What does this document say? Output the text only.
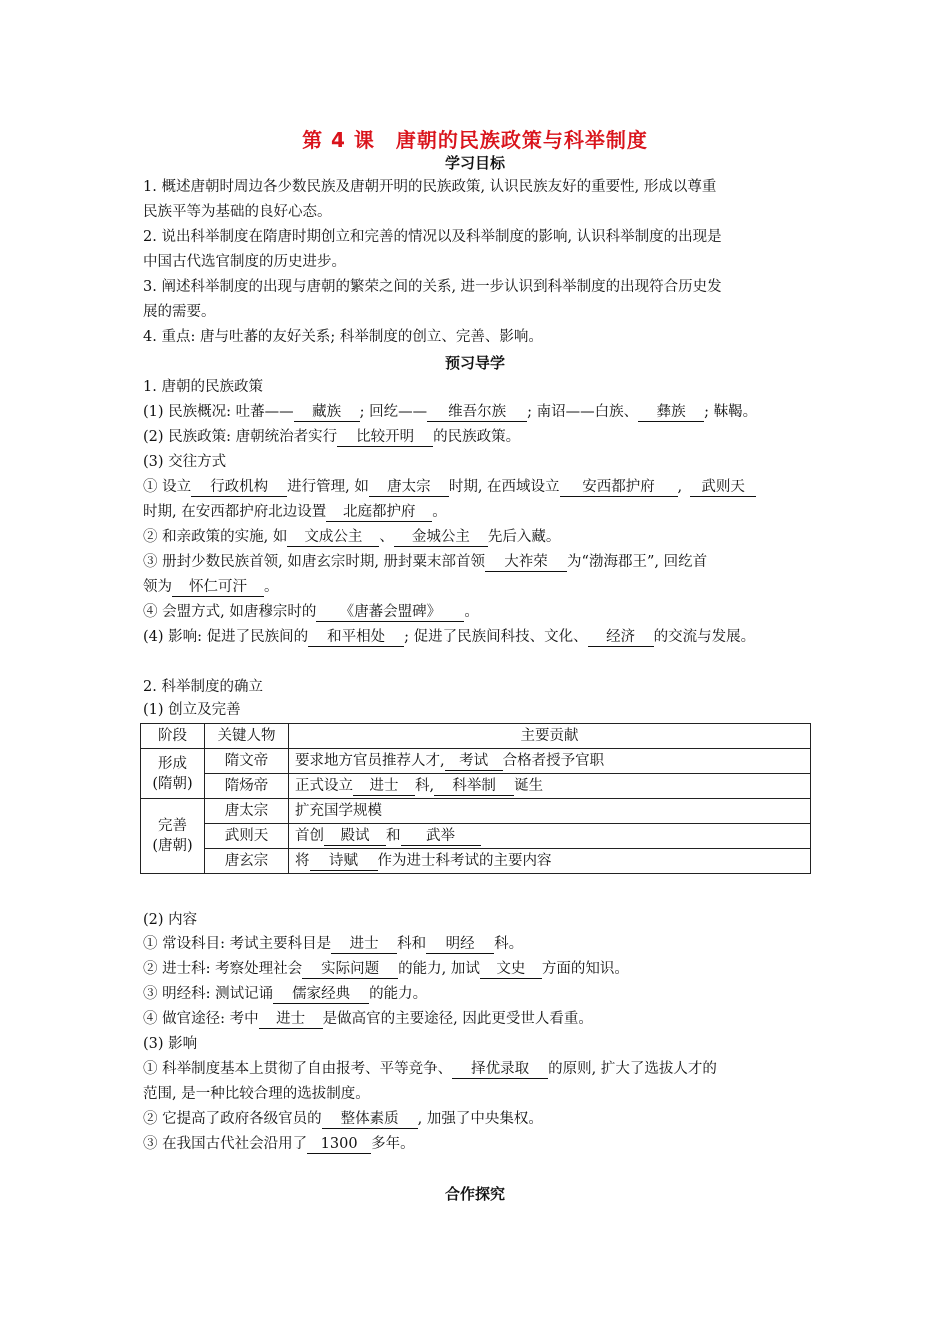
第 4 课　唐朝的民族政策与科举制度
学习目标
1. 概述唐朝时周边各少数民族及唐朝开明的民族政策, 认识民族友好的重要性, 形成以尊重
民族平等为基础的良好心态。
2. 说出科举制度在隋唐时期创立和完善的情况以及科举制度的影响, 认识科举制度的出现是
中国古代选官制度的历史进步。
3. 阐述科举制度的出现与唐朝的繁荣之间的关系, 进一步认识到科举制度的出现符合历史发
展的需要。
4. 重点: 唐与吐蕃的友好关系; 科举制度的创立、完善、影响。
预习导学
1. 唐朝的民族政策
(1) 民族概况: 吐蕃—— 藏族 ; 回纥—— 维吾尔族 ; 南诏——白族、 彝族 ; 靺鞨。
(2) 民族政策: 唐朝统治者实行 比较开明 的民族政策。
(3) 交往方式
① 设立 行政机构 进行管理, 如 唐太宗 时期, 在西域设立 安西都护府 , 武则天
时期, 在安西都护府北边设置 北庭都护府 。
② 和亲政策的实施, 如 文成公主 、 金城公主 先后入藏。
③ 册封少数民族首领, 如唐玄宗时期, 册封粟末部首领 大祚荣 为“渤海郡王”, 回纥首
领为 怀仁可汗 。
④ 会盟方式, 如唐穆宗时的 《唐蕃会盟碑》 。
(4) 影响: 促进了民族间的 和平相处 ; 促进了民族间科技、文化、 经济 的交流与发展。
2. 科举制度的确立
(1) 创立及完善
阶段	关键人物	主要贡献
形成
(隋朝)	隋文帝	要求地方官员推荐人才, 考试 合格者授予官职
	隋炀帝	正式设立 进士 科, 科举制 诞生
完善
(唐朝)	唐太宗	扩充国学规模
	武则天	首创 殿试 和 武举
	唐玄宗	将 诗赋 作为进士科考试的主要内容
(2) 内容
① 常设科目: 考试主要科目是 进士 科和 明经 科。
② 进士科: 考察处理社会 实际问题 的能力, 加试 文史 方面的知识。
③ 明经科: 测试记诵 儒家经典 的能力。
④ 做官途径: 考中 进士 是做高官的主要途径, 因此更受世人看重。
(3) 影响
① 科举制度基本上贯彻了自由报考、平等竞争、 择优录取 的原则, 扩大了选拔人才的
范围, 是一种比较合理的选拔制度。
② 它提高了政府各级官员的 整体素质 , 加强了中央集权。
③ 在我国古代社会沿用了 1300 多年。
合作探究
